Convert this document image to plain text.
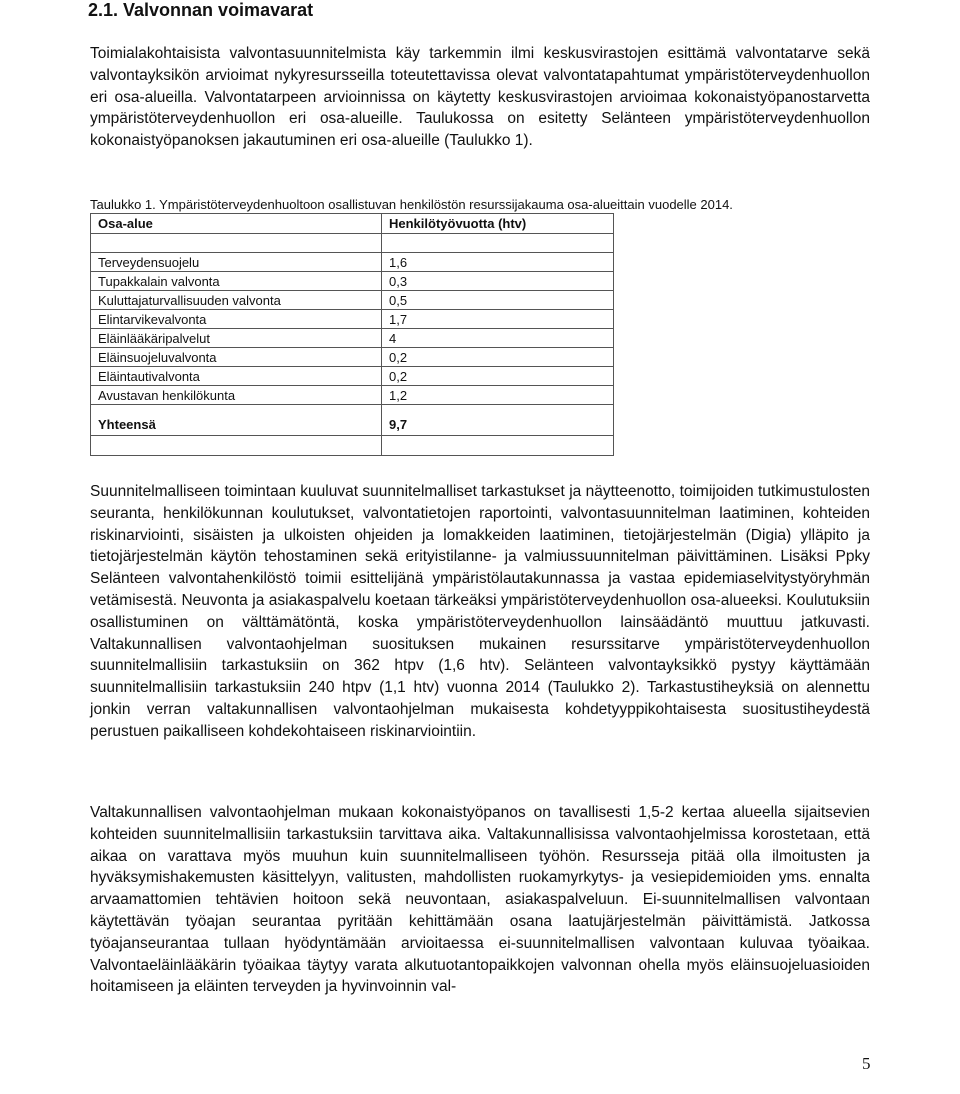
2.1. Valvonnan voimavarat

Toimialakohtaisista valvontasuunnitelmista käy tarkemmin ilmi keskusvirastojen esittämä valvontatarve sekä valvontayksikön arvioimat nykyresursseilla toteutettavissa olevat valvontatapahtumat ympäristöterveydenhuollon eri osa-alueilla. Valvontatarpeen arvioinnissa on käytetty keskusvirastojen arvioimaa kokonaistyöpanostarvetta ympäristöterveydenhuollon eri osa-alueille. Taulukossa on esitetty Selänteen ympäristöterveydenhuollon kokonaistyöpanoksen jakautuminen eri osa-alueille (Taulukko 1).

Taulukko 1. Ympäristöterveydenhuoltoon osallistuvan henkilöstön resurssijakauma osa-alueittain vuodelle 2014.

Osa-alue	Henkilötyövuotta (htv)

Terveydensuojelu	1,6
Tupakkalain valvonta	0,3
Kuluttajaturvallisuuden valvonta	0,5
Elintarvikevalvonta	1,7
Eläinlääkäripalvelut	4
Eläinsuojeluvalvonta	0,2
Eläintautivalvonta	0,2
Avustavan henkilökunta	1,2
Yhteensä	9,7

Suunnitelmalliseen toimintaan kuuluvat suunnitelmalliset tarkastukset ja näytteenotto, toimijoiden tutkimustulosten seuranta, henkilökunnan koulutukset, valvontatietojen raportointi, valvontasuunnitelman laatiminen, kohteiden riskinarviointi, sisäisten ja ulkoisten ohjeiden ja lomakkeiden laatiminen, tietojärjestelmän (Digia) ylläpito ja tietojärjestelmän käytön tehostaminen sekä erityistilanne- ja valmiussuunnitelman päivittäminen. Lisäksi Ppky Selänteen valvontahenkilöstö toimii esittelijänä ympäristölautakunnassa ja vastaa epidemiaselvitystyöryhmän vetämisestä. Neuvonta ja asiakaspalvelu koetaan tärkeäksi ympäristöterveydenhuollon osa-alueeksi. Koulutuksiin osallistuminen on välttämätöntä, koska ympäristöterveydenhuollon lainsäädäntö muuttuu jatkuvasti. Valtakunnallisen valvontaohjelman suosituksen mukainen resurssitarve ympäristöterveydenhuollon suunnitelmallisiin tarkastuksiin on 362 htpv (1,6 htv). Selänteen valvontayksikkö pystyy käyttämään suunnitelmallisiin tarkastuksiin 240 htpv (1,1 htv) vuonna 2014 (Taulukko 2). Tarkastustiheyksiä on alennettu jonkin verran valtakunnallisen valvontaohjelman mukaisesta kohdetyyppikohtaisesta suositustiheydestä perustuen paikalliseen kohdekohtaiseen riskinarviointiin.

Valtakunnallisen valvontaohjelman mukaan kokonaistyöpanos on tavallisesti 1,5-2 kertaa alueella sijaitsevien kohteiden suunnitelmallisiin tarkastuksiin tarvittava aika. Valtakunnallisissa valvontaohjelmissa korostetaan, että aikaa on varattava myös muuhun kuin suunnitelmalliseen työhön. Resursseja pitää olla ilmoitusten ja hyväksymishakemusten käsittelyyn, valitusten, mahdollisten ruokamyrkytys- ja vesiepidemioiden yms. ennalta arvaamattomien tehtävien hoitoon sekä neuvontaan, asiakaspalveluun. Ei-suunnitelmallisen valvontaan käytettävän työajan seurantaa pyritään kehittämään osana laatujärjestelmän päivittämistä. Jatkossa työajanseurantaa tullaan hyödyntämään arvioitaessa ei-suunnitelmallisen valvontaan kuluvaa työaikaa. Valvontaeläinlääkärin työaikaa täytyy varata alkutuotantopaikkojen valvonnan ohella myös eläinsuojeluasioiden hoitamiseen ja eläinten terveyden ja hyvinvoinnin val-

5
